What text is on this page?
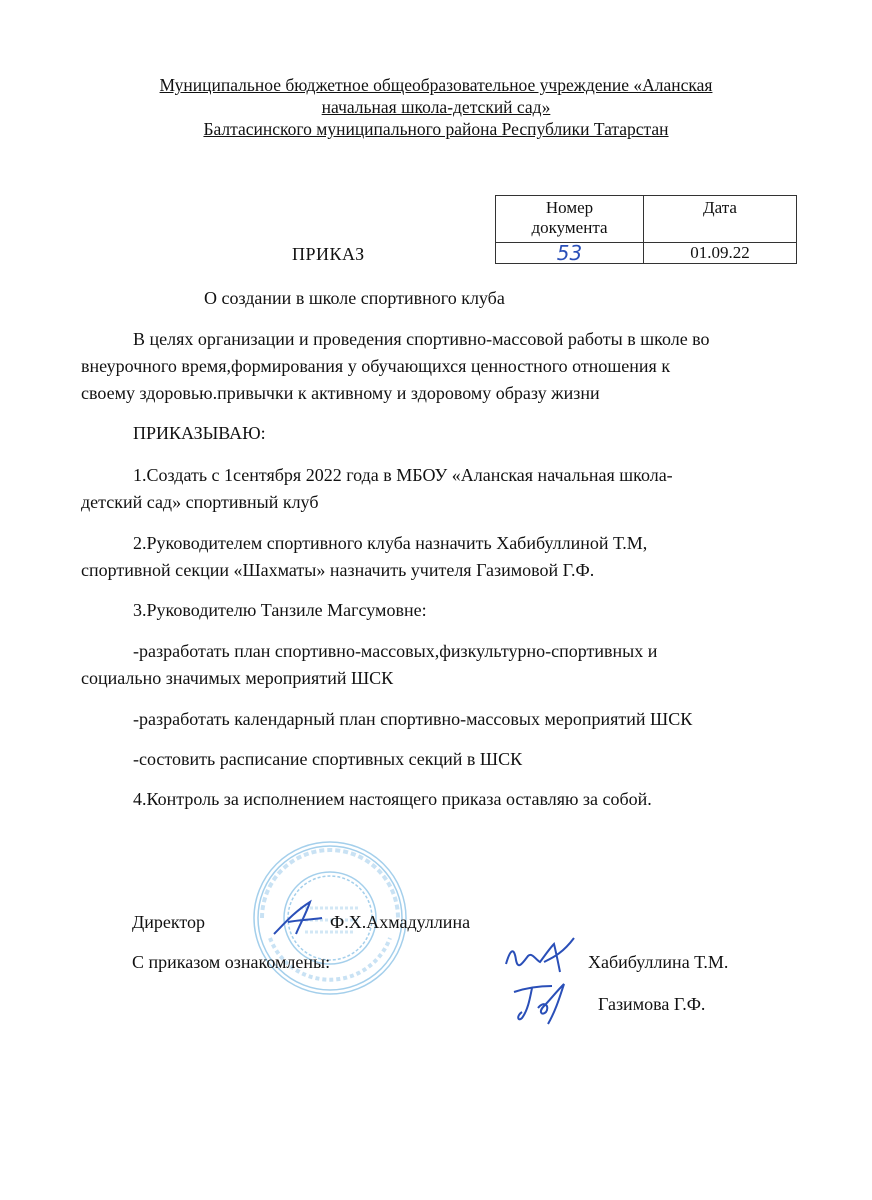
Муниципальное бюджетное общеобразовательное учреждение «Аланская
начальная школа-детский сад»
Балтасинского муниципального района Республики Татарстан
Номер
документа	Дата
53	01.09.22
ПРИКАЗ
О создании в школе спортивного клуба
В целях организации и проведения спортивно-массовой работы в школе во
внеурочного время,формирования у обучающихся ценностного отношения к
своему здоровью.привычки к активному и здоровому образу жизни
ПРИКАЗЫВАЮ:
1.Создать с 1сентября 2022 года в МБОУ «Аланская начальная школа-
детский сад» спортивный клуб
2.Руководителем спортивного клуба назначить Хабибуллиной Т.М,
спортивной секции «Шахматы» назначить учителя Газимовой Г.Ф.
3.Руководителю Танзиле Магсумовне:
-разработать план спортивно-массовых,физкультурно-спортивных и
социально значимых мероприятий ШСК
-разработать календарный план спортивно-массовых мероприятий ШСК
-состовить расписание спортивных секций в ШСК
4.Контроль за исполнением настоящего приказа оставляю за собой.
Директор	Ф.Х.Ахмадуллина
С приказом ознакомлены:	Хабибуллина Т.М.
Газимова Г.Ф.
